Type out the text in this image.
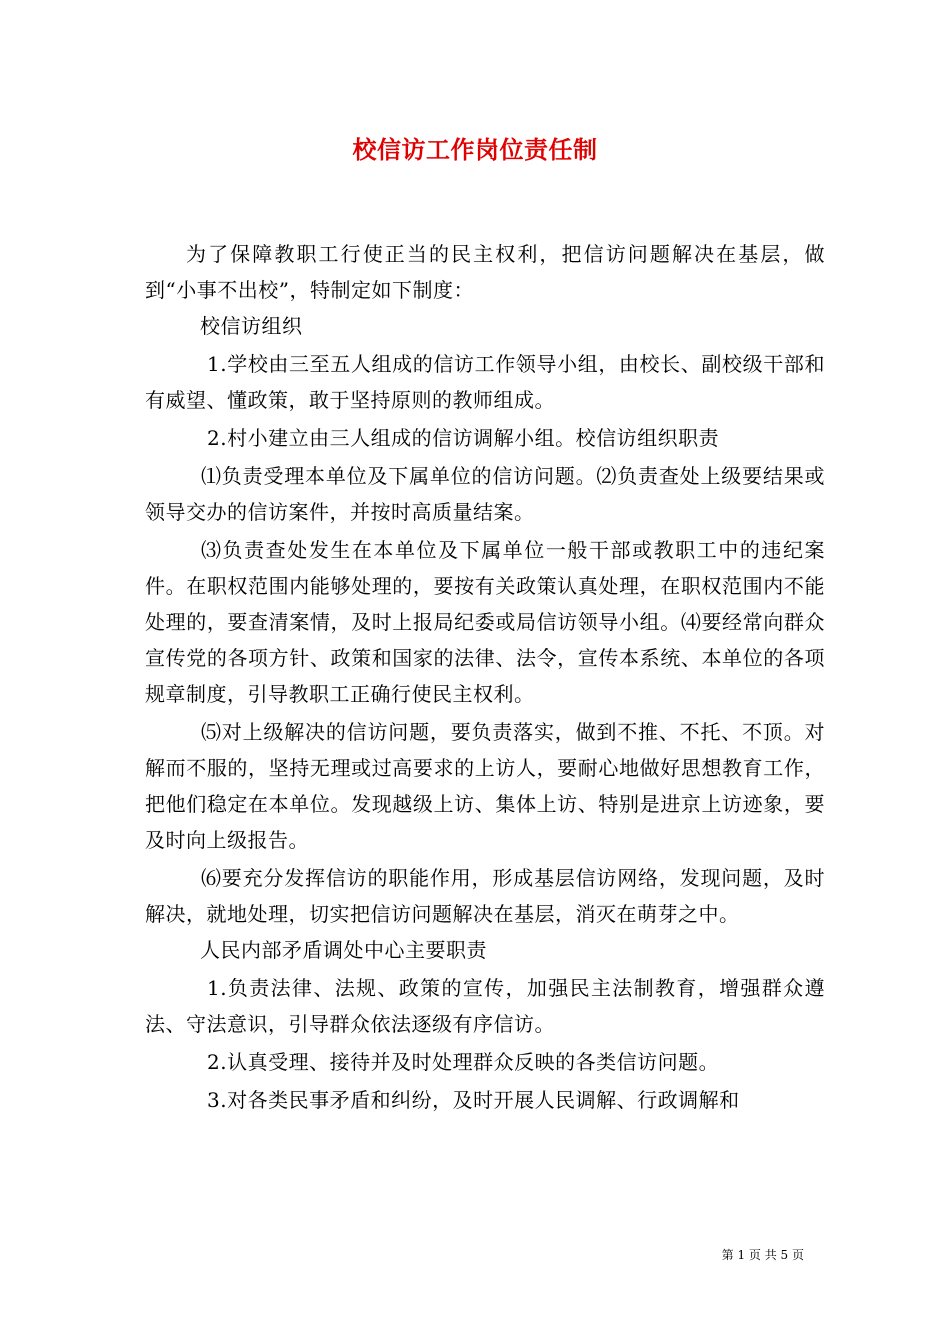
校信访工作岗位责任制

为了保障教职工行使正当的民主权利，把信访问题解决在基层，做到“小事不出校”，特制定如下制度：

校信访组织

1.学校由三至五人组成的信访工作领导小组，由校长、副校级干部和有威望、懂政策，敢于坚持原则的教师组成。

2.村小建立由三人组成的信访调解小组。校信访组织职责

⑴负责受理本单位及下属单位的信访问题。⑵负责查处上级要结果或领导交办的信访案件，并按时高质量结案。

⑶负责查处发生在本单位及下属单位一般干部或教职工中的违纪案件。在职权范围内能够处理的，要按有关政策认真处理，在职权范围内不能处理的，要查清案情，及时上报局纪委或局信访领导小组。⑷要经常向群众宣传党的各项方针、政策和国家的法律、法令，宣传本系统、本单位的各项规章制度，引导教职工正确行使民主权利。

⑸对上级解决的信访问题，要负责落实，做到不推、不托、不顶。对解而不服的，坚持无理或过高要求的上访人，要耐心地做好思想教育工作，把他们稳定在本单位。发现越级上访、集体上访、特别是进京上访迹象，要及时向上级报告。

⑹要充分发挥信访的职能作用，形成基层信访网络，发现问题，及时解决，就地处理，切实把信访问题解决在基层，消灭在萌芽之中。

人民内部矛盾调处中心主要职责

1.负责法律、法规、政策的宣传，加强民主法制教育，增强群众遵法、守法意识，引导群众依法逐级有序信访。

2.认真受理、接待并及时处理群众反映的各类信访问题。

3.对各类民事矛盾和纠纷，及时开展人民调解、行政调解和

第 1 页 共 5 页
